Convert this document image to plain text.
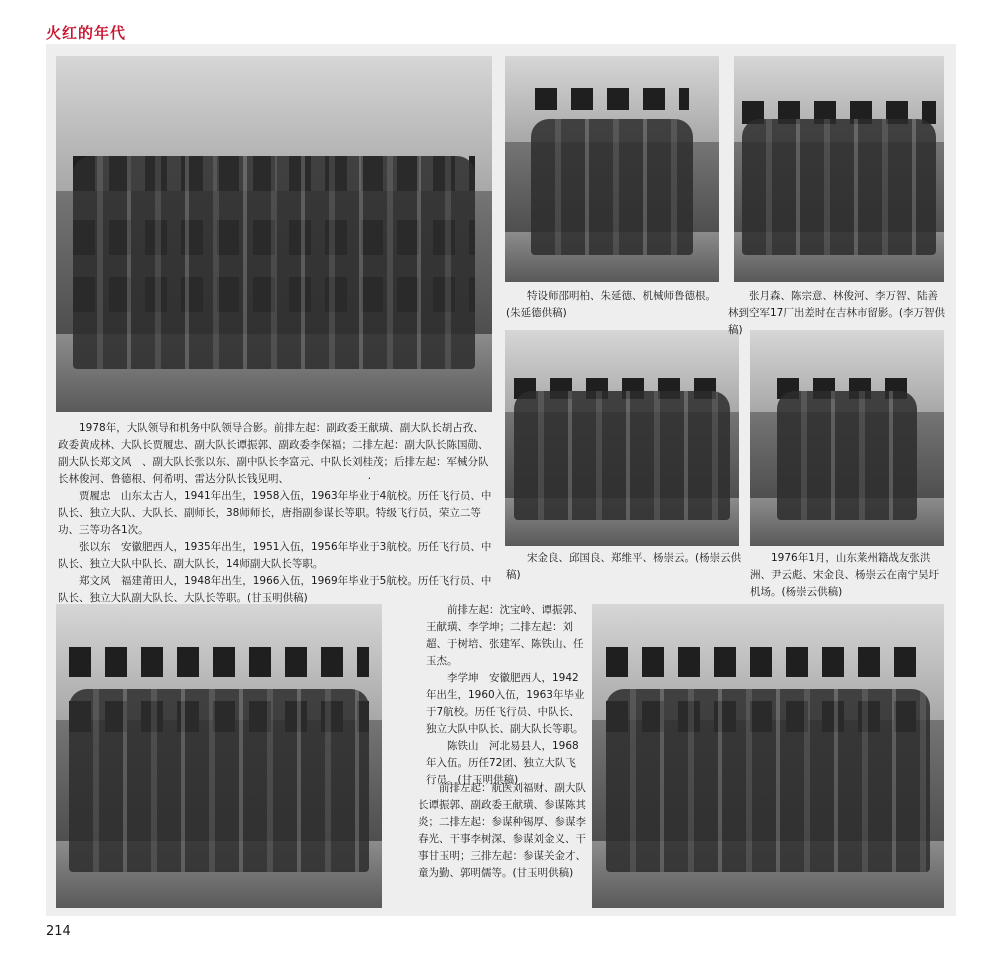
火红的年代

1978年，大队领导和机务中队领导合影。前排左起：副政委王献璜、副大队长胡占孜、政委黄成林、大队长贾履忠、副大队长谭振郭、副政委李保福；二排左起：副大队长陈国勋、副大队长郑文风　、副大队长张以东、副中队长李富元、中队长刘桂茂；后排左起：军械分队长林俊河、鲁德根、何希明、雷达分队长钱见明、　　　　　　　　·

贾履忠　山东太古人，1941年出生，1958入伍，1963年毕业于4航校。历任飞行员、中队长、独立大队、大队长、副师长，38师师长，唐指副参谋长等职。特级飞行员，荣立二等功、三等功各1次。

张以东　安徽肥西人，1935年出生，1951入伍，1956年毕业于3航校。历任飞行员、中队长、独立大队中队长、副大队长，14师副大队长等职。

郑文风　福建莆田人，1948年出生，1966入伍，1969年毕业于5航校。历任飞行员、中队长、独立大队副大队长、大队长等职。(甘玉明供稿)

特设师邵明柏、朱延德、机械师鲁德根。(朱延德供稿)

张月森、陈宗意、林俊河、李万智、陆善林到空军17厂出差时在吉林市留影。(李万智供稿)

宋金良、邱国良、郑维平、杨崇云。(杨崇云供稿)

1976年1月，山东莱州籍战友张洪洲、尹云彪、宋金良、杨崇云在南宁吴圩机场。(杨崇云供稿)

前排左起：沈宝岭、谭振郭、王献璜、李学坤；二排左起：刘超、于树培、张建军、陈铁山、任玉杰。

李学坤　安徽肥西人，1942年出生，1960入伍，1963年毕业于7航校。历任飞行员、中队长、独立大队中队长、副大队长等职。

陈铁山　河北易县人，1968年入伍。历任72团、独立大队飞行员。(甘玉明供稿)

前排左起：航医刘福财、副大队长谭振郭、副政委王献璜、参谋陈其炎；二排左起：参谋种锡厚、参谋李春光、干事李树深、参谋刘金义、干事甘玉明；三排左起：参谋关金才、童为勤、郭明儒等。(甘玉明供稿)

214
